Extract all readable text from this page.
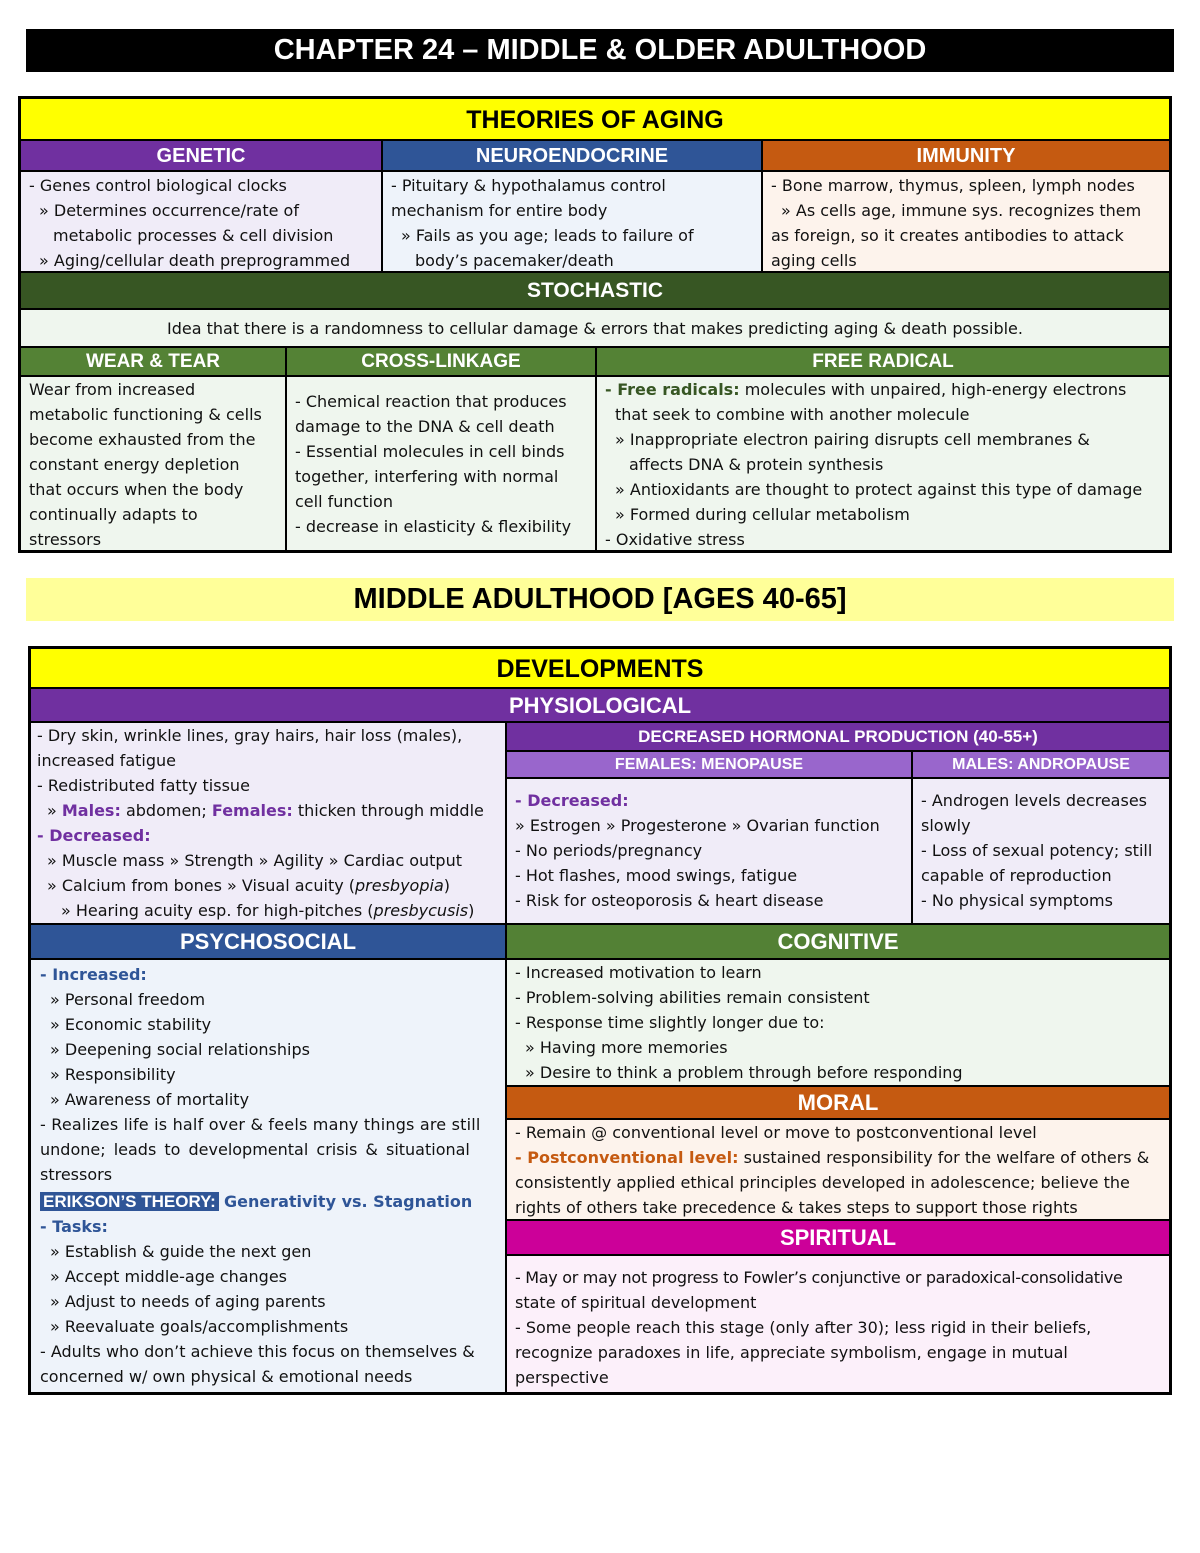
CHAPTER 24 – MIDDLE & OLDER ADULTHOOD
THEORIES OF AGING
GENETIC
- Genes control biological clocks
» Determines occurrence/rate of
metabolic processes & cell division
» Aging/cellular death preprogrammed
NEUROENDOCRINE
- Pituitary & hypothalamus control
mechanism for entire body
» Fails as you age; leads to failure of
body’s pacemaker/death
IMMUNITY
- Bone marrow, thymus, spleen, lymph nodes
» As cells age, immune sys. recognizes them
as foreign, so it creates antibodies to attack
aging cells
STOCHASTIC
Idea that there is a randomness to cellular damage & errors that makes predicting aging & death possible.
WEAR & TEAR
Wear from increased
metabolic functioning & cells
become exhausted from the
constant energy depletion
that occurs when the body
continually adapts to
stressors
CROSS-LINKAGE
- Chemical reaction that produces
damage to the DNA & cell death
- Essential molecules in cell binds
together, interfering with normal
cell function
- decrease in elasticity & flexibility
FREE RADICAL
- Free radicals: molecules with unpaired, high-energy electrons
that seek to combine with another molecule
» Inappropriate electron pairing disrupts cell membranes &
affects DNA & protein synthesis
» Antioxidants are thought to protect against this type of damage
» Formed during cellular metabolism
- Oxidative stress
MIDDLE ADULTHOOD [AGES 40-65]
DEVELOPMENTS
PHYSIOLOGICAL
- Dry skin, wrinkle lines, gray hairs, hair loss (males),
increased fatigue
- Redistributed fatty tissue
» Males: abdomen; Females: thicken through middle
- Decreased:
» Muscle mass » Strength » Agility » Cardiac output
» Calcium from bones » Visual acuity (presbyopia)
» Hearing acuity esp. for high-pitches (presbycusis)
DECREASED HORMONAL PRODUCTION (40-55+)
FEMALES: MENOPAUSE	MALES: ANDROPAUSE
- Decreased:
» Estrogen » Progesterone » Ovarian function
- No periods/pregnancy
- Hot flashes, mood swings, fatigue
- Risk for osteoporosis & heart disease
- Androgen levels decreases
slowly
- Loss of sexual potency; still
capable of reproduction
- No physical symptoms
PSYCHOSOCIAL
- Increased:
» Personal freedom
» Economic stability
» Deepening social relationships
» Responsibility
» Awareness of mortality
- Realizes life is half over & feels many things are still
undone; leads to developmental crisis & situational
stressors
ERIKSON’S THEORY: Generativity vs. Stagnation
- Tasks:
» Establish & guide the next gen
» Accept middle-age changes
» Adjust to needs of aging parents
» Reevaluate goals/accomplishments
- Adults who don’t achieve this focus on themselves &
concerned w/ own physical & emotional needs
COGNITIVE
- Increased motivation to learn
- Problem-solving abilities remain consistent
- Response time slightly longer due to:
» Having more memories
» Desire to think a problem through before responding
MORAL
- Remain @ conventional level or move to postconventional level
- Postconventional level: sustained responsibility for the welfare of others &
consistently applied ethical principles developed in adolescence; believe the
rights of others take precedence & takes steps to support those rights
SPIRITUAL
- May or may not progress to Fowler’s conjunctive or paradoxical-consolidative
state of spiritual development
- Some people reach this stage (only after 30); less rigid in their beliefs,
recognize paradoxes in life, appreciate symbolism, engage in mutual
perspective
